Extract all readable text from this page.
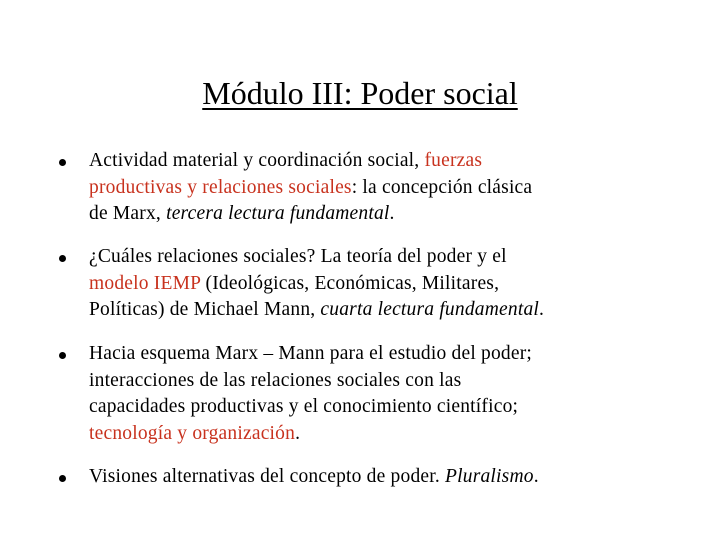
Módulo III: Poder social
Actividad material y coordinación social, fuerzas
productivas y relaciones sociales: la concepción clásica
de Marx, tercera lectura fundamental.
¿Cuáles relaciones sociales? La teoría del poder y el
modelo IEMP (Ideológicas, Económicas, Militares,
Políticas) de Michael Mann, cuarta lectura fundamental.
Hacia esquema Marx – Mann para el estudio del poder;
interacciones de las relaciones sociales con las
capacidades productivas y el conocimiento científico;
tecnología y organización.
Visiones alternativas del concepto de poder. Pluralismo.
